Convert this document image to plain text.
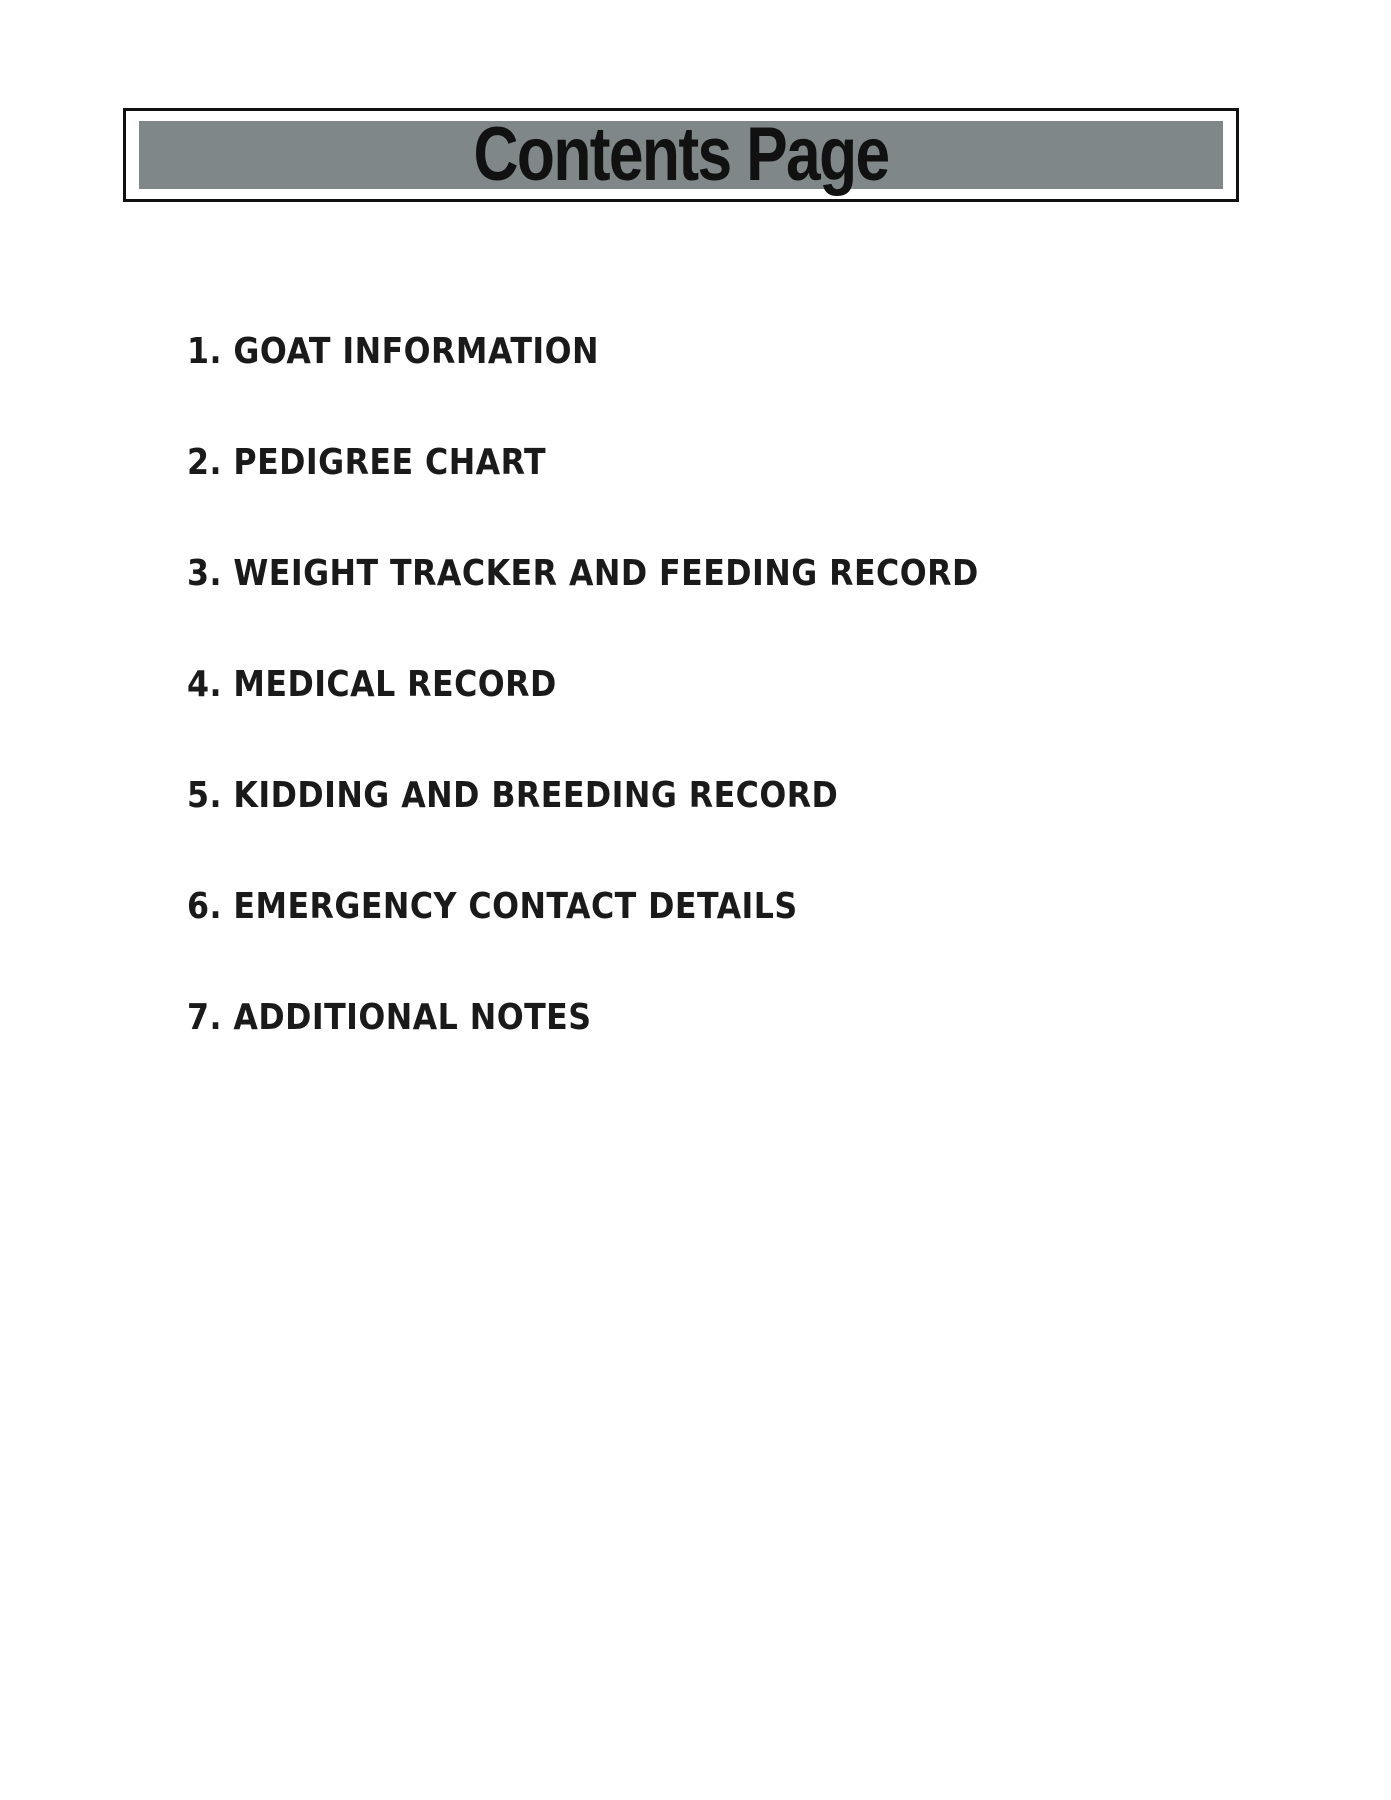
Contents Page
1. GOAT INFORMATION
2. PEDIGREE CHART
3. WEIGHT TRACKER AND FEEDING RECORD
4. MEDICAL RECORD
5. KIDDING AND BREEDING RECORD
6. EMERGENCY CONTACT DETAILS
7. ADDITIONAL NOTES
